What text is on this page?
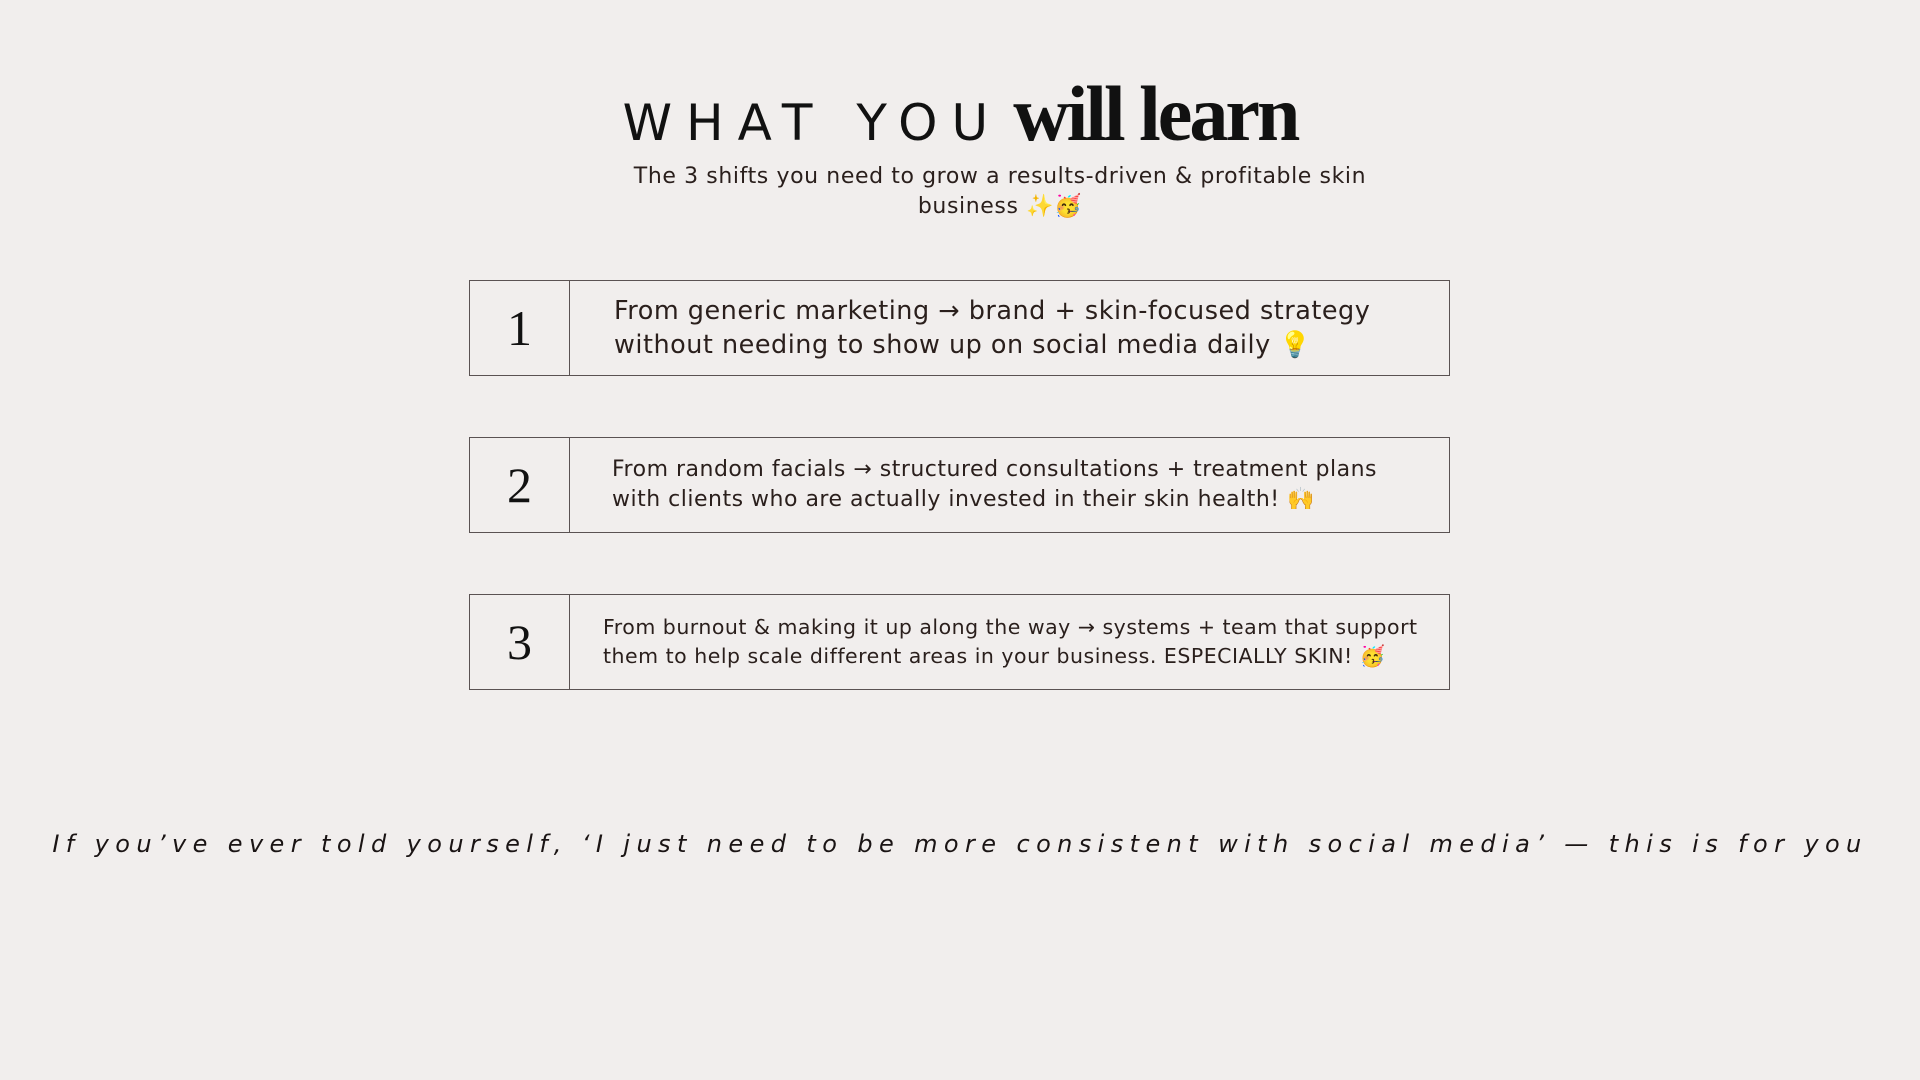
WHAT YOU will learn
The 3 shifts you need to grow a results-driven & profitable skin business ✨🥳
1	From generic marketing → brand + skin-focused strategy without needing to show up on social media daily 💡
2	From random facials → structured consultations + treatment plans with clients who are actually invested in their skin health! 🙌
3	From burnout & making it up along the way → systems + team that support them to help scale different areas in your business. ESPECIALLY SKIN! 🥳
If you’ve ever told yourself, ‘I just need to be more consistent with social media’ — this is for you
